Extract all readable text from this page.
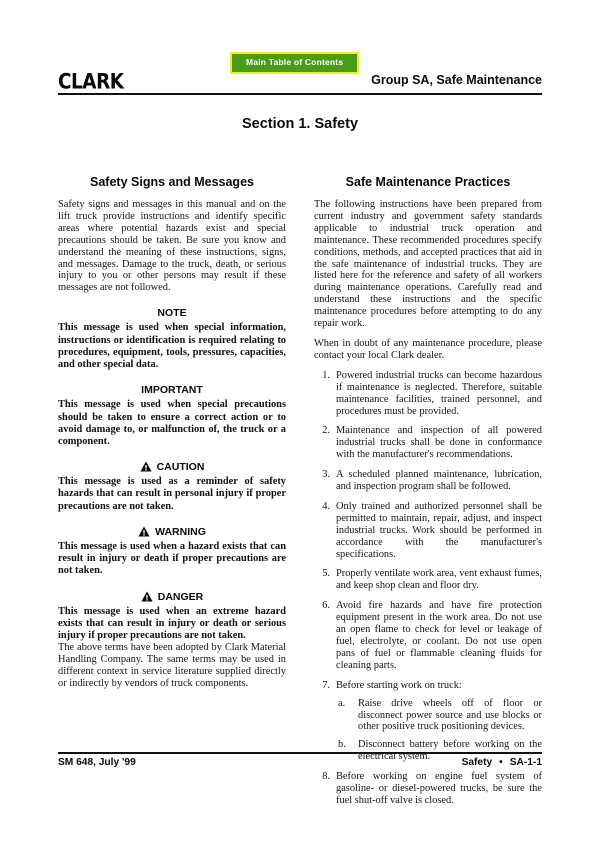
Main Table of Contents
CLARK	Group SA, Safe Maintenance
Section 1. Safety
Safety Signs and Messages

Safety signs and messages in this manual and on the lift truck provide instructions and identify specific areas where potential hazards exist and special precautions should be taken. Be sure you know and understand the meaning of these instructions, signs, and messages. Damage to the truck, death, or serious injury to you or other persons may result if these messages are not followed.

NOTE

This message is used when special information, instructions or identification is required relating to procedures, equipment, tools, pressures, capacities, and other special data.

IMPORTANT

This message is used when special precautions should be taken to ensure a correct action or to avoid damage to, or malfunction of, the truck or a component.

CAUTION

This message is used as a reminder of safety hazards that can result in personal injury if proper precautions are not taken.

WARNING

This message is used when a hazard exists that can result in injury or death if proper precautions are not taken.

DANGER

This message is used when an extreme hazard exists that can result in injury or death or serious injury if proper precautions are not taken.

The above terms have been adopted by Clark Material Handling Company. The same terms may be used in different context in service literature supplied directly or indirectly by vendors of truck components.

Safe Maintenance Practices

The following instructions have been prepared from current industry and government safety standards applicable to industrial truck operation and maintenance. These recommended procedures specify conditions, methods, and accepted practices that aid in the safe maintenance of industrial trucks. They are listed here for the reference and safety of all workers during maintenance operations. Carefully read and understand these instructions and the specific maintenance procedures before attempting to do any repair work.

When in doubt of any maintenance procedure, please contact your local Clark dealer.

1. Powered industrial trucks can become hazardous if maintenance is neglected. Therefore, suitable maintenance facilities, trained personnel, and procedures must be provided.
2. Maintenance and inspection of all powered industrial trucks shall be done in conformance with the manufacturer's recommendations.
3. A scheduled planned maintenance, lubrication, and inspection program shall be followed.
4. Only trained and authorized personnel shall be permitted to maintain, repair, adjust, and inspect industrial trucks. Work should be performed in accordance with the manufacturer's specifications.
5. Properly ventilate work area, vent exhaust fumes, and keep shop clean and floor dry.
6. Avoid fire hazards and have fire protection equipment present in the work area. Do not use an open flame to check for level or leakage of fuel, electrolyte, or coolant. Do not use open pans of fuel or flammable cleaning fluids for cleaning parts.
7. Before starting work on truck:
a.	Raise drive wheels off of floor or disconnect power source and use blocks or other positive truck positioning devices.
b.	Disconnect battery before working on the electrical system.
8. Before working on engine fuel system of gasoline- or diesel-powered trucks, be sure the fuel shut-off valve is closed.
SM 648, July '99	Safety • SA-1-1
